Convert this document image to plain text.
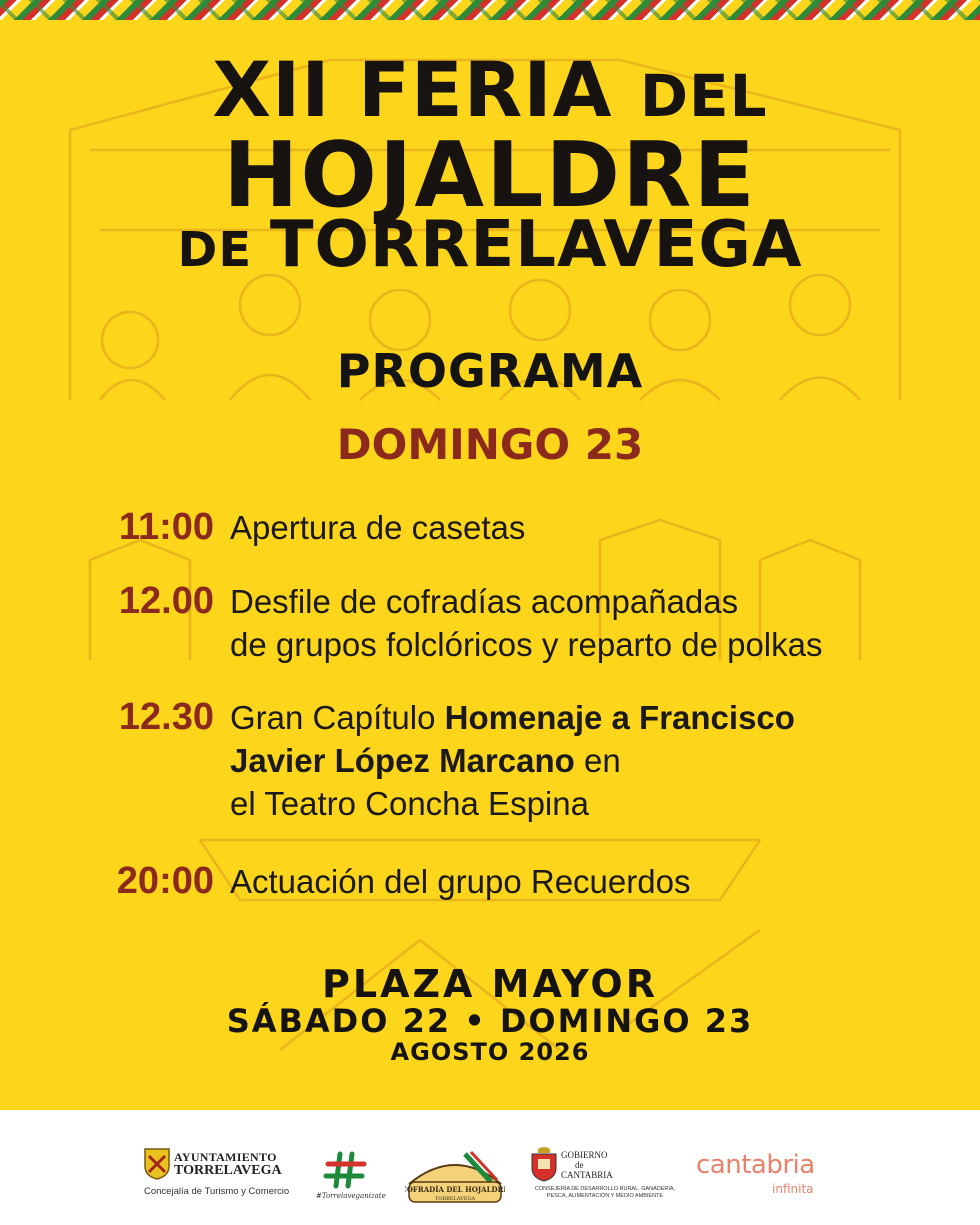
XII FERIA DEL
HOJALDRE
DE TORRELAVEGA
PROGRAMA
DOMINGO 23
11:00 Apertura de casetas
12.00 Desfile de cofradías acompañadas
de grupos folclóricos y reparto de polkas
12.30 Gran Capítulo Homenaje a Francisco
Javier López Marcano en
el Teatro Concha Espina
20:00 Actuación del grupo Recuerdos
PLAZA MAYOR
SÁBADO 22 • DOMINGO 23
AGOSTO 2026
AYUNTAMIENTO
TORRELAVEGA
Concejalía de Turismo y Comercio	#Torrelaveganizate
COFRADÍA DEL HOJALDRE
TORRELAVEGA
GOBIERNO
de
CANTABRIA
CONSEJERÍA DE DESARROLLO RURAL, GANADERÍA, PESCA, ALIMENTACIÓN Y MEDIO AMBIENTE
cantabria
infinita
